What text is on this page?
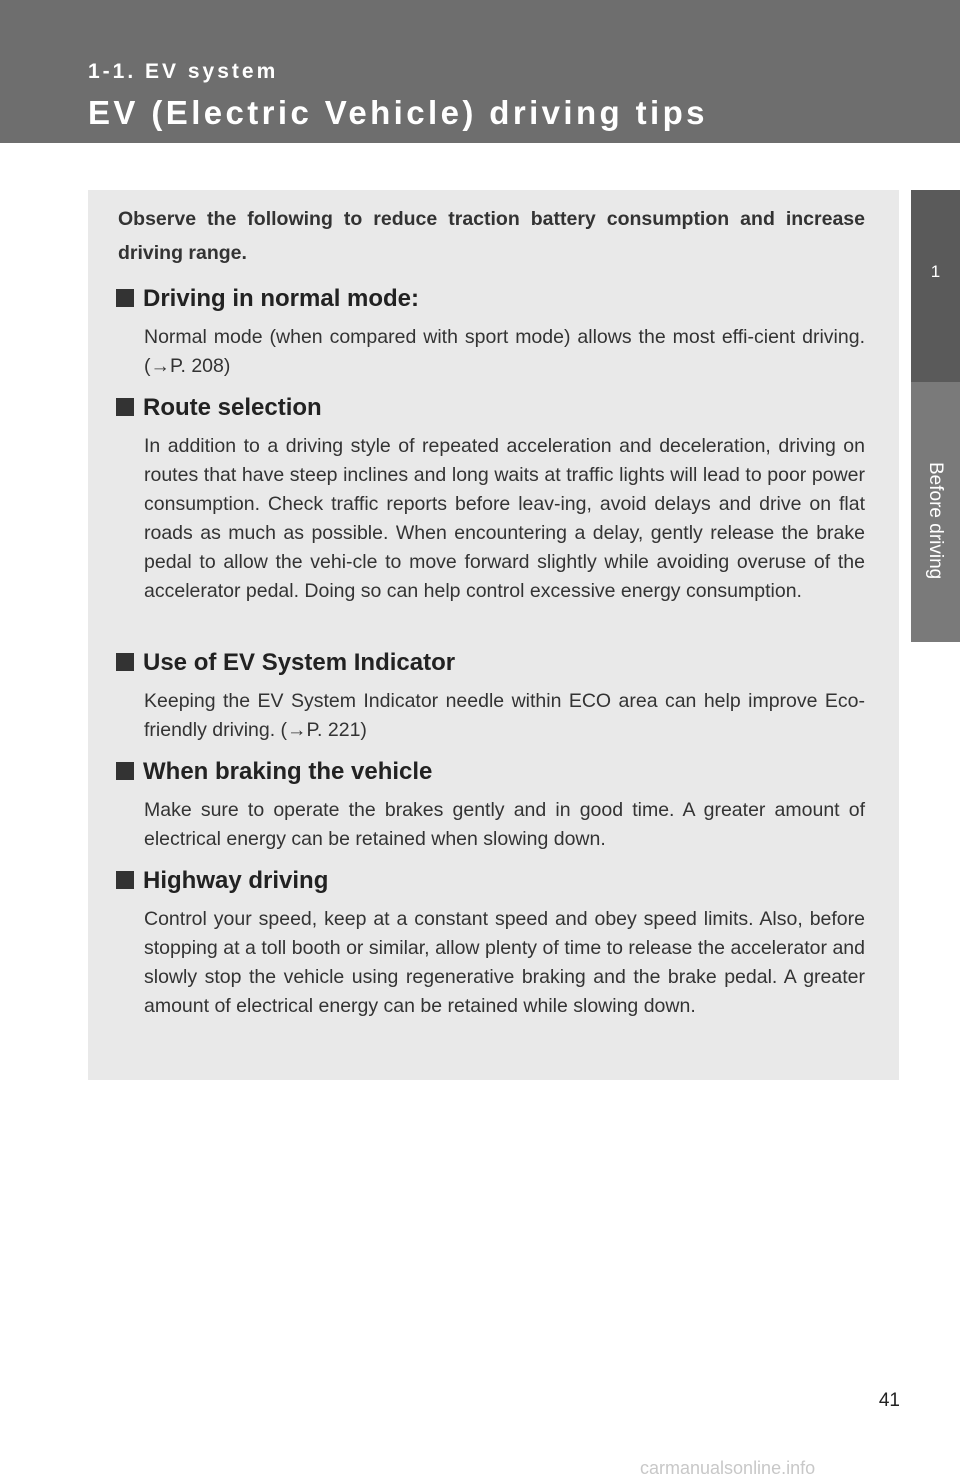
1-1. EV system
EV (Electric Vehicle) driving tips
1
Before driving
Observe the following to reduce traction battery consumption and increase driving range.
Driving in normal mode:
Normal mode (when compared with sport mode) allows the most effi-cient driving. (→P. 208)
Route selection
In addition to a driving style of repeated acceleration and deceleration, driving on routes that have steep inclines and long waits at traffic lights will lead to poor power consumption. Check traffic reports before leav-ing, avoid delays and drive on flat roads as much as possible. When encountering a delay, gently release the brake pedal to allow the vehi-cle to move forward slightly while avoiding overuse of the accelerator pedal. Doing so can help control excessive energy consumption.
Use of EV System Indicator
Keeping the EV System Indicator needle within ECO area can help improve Eco-friendly driving. (→P. 221)
When braking the vehicle
Make sure to operate the brakes gently and in good time. A greater amount of electrical energy can be retained when slowing down.
Highway driving
Control your speed, keep at a constant speed and obey speed limits. Also, before stopping at a toll booth or similar, allow plenty of time to release the accelerator and slowly stop the vehicle using regenerative braking and the brake pedal. A greater amount of electrical energy can be retained while slowing down.
41
carmanualsonline.info
